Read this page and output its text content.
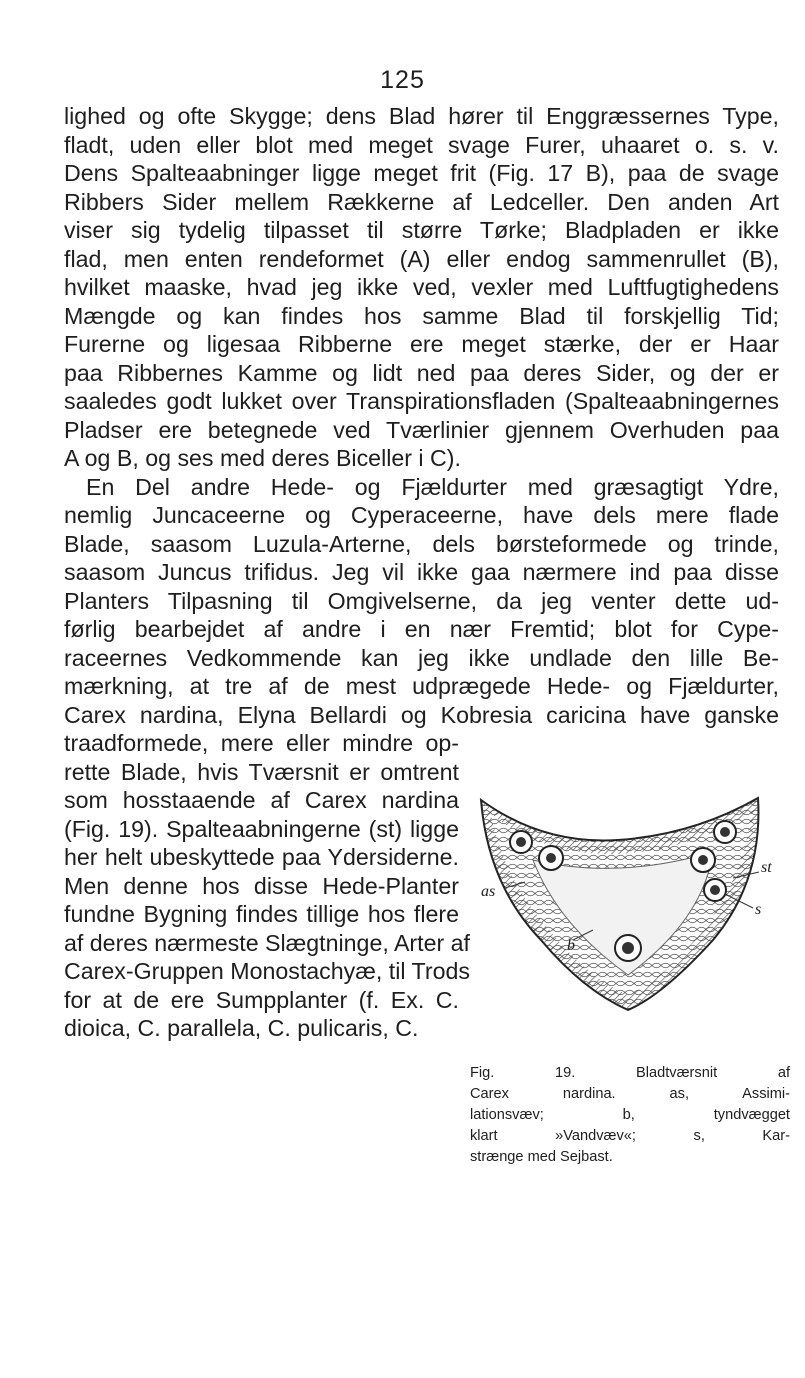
125
lighed og ofte Skygge; dens Blad hører til Enggræssernes Type,
fladt, uden eller blot med meget svage Furer, uhaaret o. s. v.
Dens Spalteaabninger ligge meget frit (Fig. 17 B), paa de svage
Ribbers Sider mellem Rækkerne af Ledceller. Den anden Art
viser sig tydelig tilpasset til større Tørke; Bladpladen er ikke
flad, men enten rendeformet (A) eller endog sammenrullet (B),
hvilket maaske, hvad jeg ikke ved, vexler med Luftfugtighedens
Mængde og kan findes hos samme Blad til forskjellig Tid;
Furerne og ligesaa Ribberne ere meget stærke, der er Haar
paa Ribbernes Kamme og lidt ned paa deres Sider, og der er
saaledes godt lukket over Transpirationsfladen (Spalteaabningernes
Pladser ere betegnede ved Tværlinier gjennem Overhuden paa
A og B, og ses med deres Biceller i C).
En Del andre Hede- og Fjældurter med græsagtigt Ydre,
nemlig Juncaceerne og Cyperaceerne, have dels mere flade
Blade, saasom Luzula-Arterne, dels børsteformede og trinde,
saasom Juncus trifidus. Jeg vil ikke gaa nærmere ind paa disse
Planters Tilpasning til Omgivelserne, da jeg venter dette ud-
førlig bearbejdet af andre i en nær Fremtid; blot for Cype-
raceernes Vedkommende kan jeg ikke undlade den lille Be-
mærkning, at tre af de mest udprægede Hede- og Fjældurter,
Carex nardina, Elyna Bellardi og Kobresia caricina have ganske
traadformede, mere eller mindre op-
rette Blade, hvis Tværsnit er omtrent
som hosstaaende af Carex nardina
(Fig. 19). Spalteaabningerne (st) ligge
her helt ubeskyttede paa Ydersiderne.
Men denne hos disse Hede-Planter
fundne Bygning findes tillige hos flere
af deres nærmeste Slægtninge, Arter af
Carex-Gruppen Monostachyæ, til Trods
for at de ere Sumpplanter (f. Ex. C.
dioica, C. parallela, C. pulicaris, C.
st
as
s
b
Fig. 19. Bladtværsnit af
Carex nardina. as, Assimi-
lationsvæv; b, tyndvægget
klart »Vandvæv«; s, Kar-
strænge med Sejbast.
